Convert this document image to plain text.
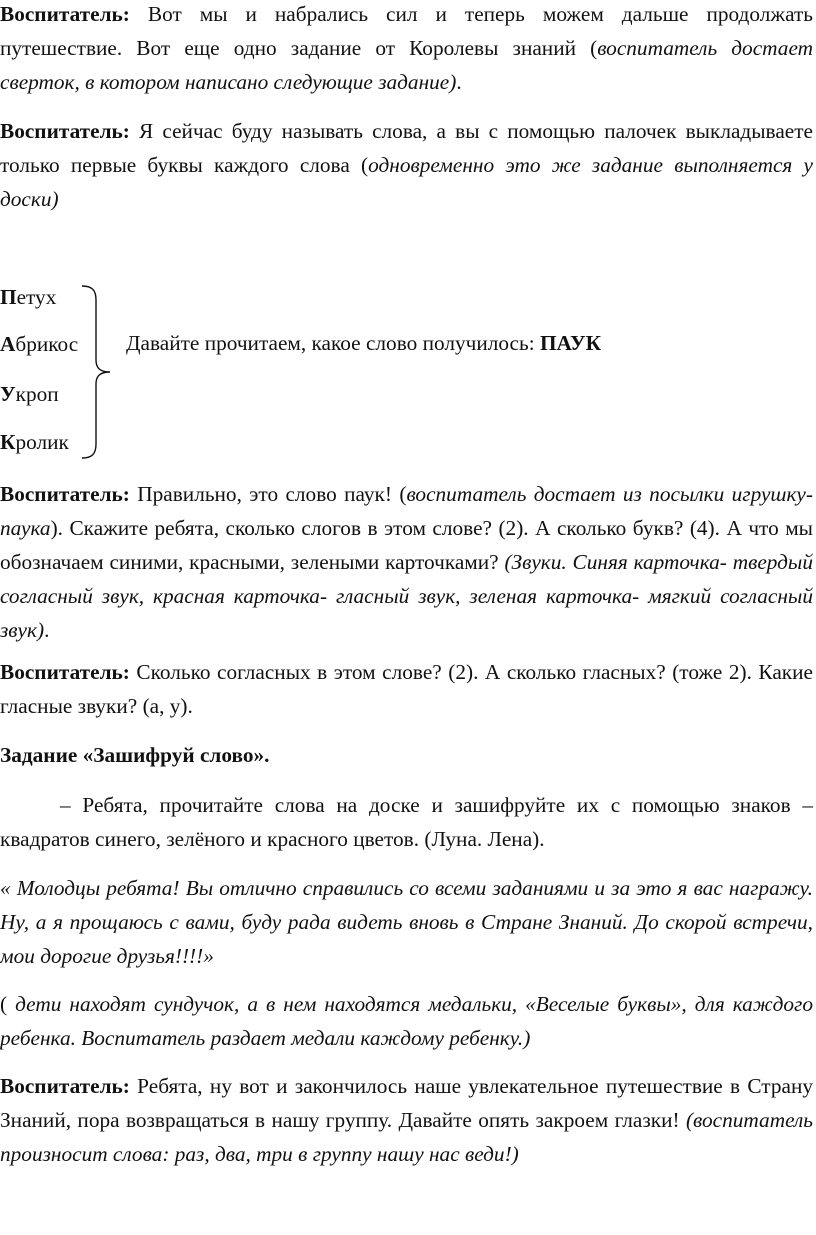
Воспитатель: Вот мы и набрались сил и теперь можем дальше продолжать путешествие. Вот еще одно задание от Королевы знаний (воспитатель достает сверток, в котором написано следующие задание).

Воспитатель: Я сейчас буду называть слова, а вы с помощью палочек выкладываете только первые буквы каждого слова (одновременно это же задание выполняется у доски)

Петух
Абрикос
Укроп
Кролик
Давайте прочитаем, какое слово получилось: ПАУК

Воспитатель: Правильно, это слово паук! (воспитатель достает из посылки игрушку-паука). Скажите ребята, сколько слогов в этом слове? (2). А сколько букв? (4). А что мы обозначаем синими, красными, зелеными карточками? (Звуки. Синяя карточка- твердый согласный звук, красная карточка- гласный звук, зеленая карточка- мягкий согласный звук).

Воспитатель: Сколько согласных в этом слове? (2). А сколько гласных? (тоже 2). Какие гласные звуки? (а, у).

Задание «Зашифруй слово».

– Ребята, прочитайте слова на доске и зашифруйте их с помощью знаков – квадратов синего, зелёного и красного цветов. (Луна. Лена).

« Молодцы ребята! Вы отлично справились со всеми заданиями и за это я вас награжу. Ну, а я прощаюсь с вами, буду рада видеть вновь в Стране Знаний. До скорой встречи, мои дорогие друзья!!!!»

( дети находят сундучок, а в нем находятся медальки, «Веселые буквы», для каждого ребенка. Воспитатель раздает медали каждому ребенку.)

Воспитатель: Ребята, ну вот и закончилось наше увлекательное путешествие в Страну Знаний, пора возвращаться в нашу группу. Давайте опять закроем глазки! (воспитатель произносит слова: раз, два, три в группу нашу нас веди!)
